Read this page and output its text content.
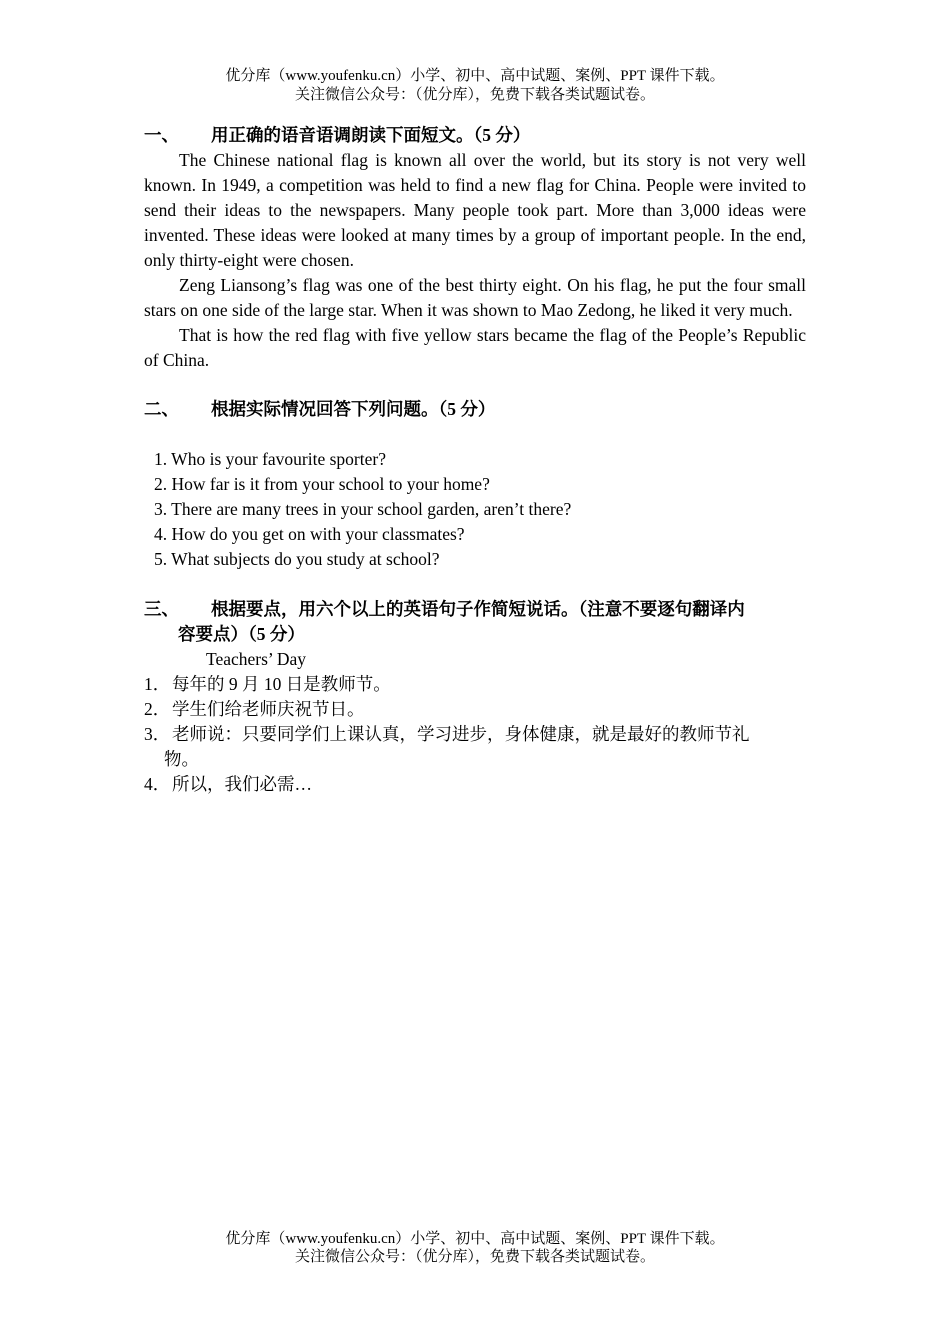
优分库（www.youfenku.cn）小学、初中、高中试题、案例、PPT 课件下载。
关注微信公众号：（优分库），免费下载各类试题试卷。
一、	用正确的语音语调朗读下面短文。（5 分）

The Chinese national flag is known all over the world, but its story is not very well known. In 1949, a competition was held to find a new flag for China. People were invited to send their ideas to the newspapers. Many people took part. More than 3,000 ideas were invented. These ideas were looked at many times by a group of important people. In the end, only thirty-eight were chosen.

Zeng Liansong’s flag was one of the best thirty eight. On his flag, he put the four small stars on one side of the large star. When it was shown to Mao Zedong, he liked it very much.

That is how the red flag with five yellow stars became the flag of the People’s Republic of China.

二、	根据实际情况回答下列问题。（5 分）

1. Who is your favourite sporter?

2. How far is it from your school to your home?

3. There are many trees in your school garden, aren’t there?

4. How do you get on with your classmates?

5. What subjects do you study at school?

三、	根据要点，用六个以上的英语句子作简短说话。（注意不要逐句翻译内
容要点）（5 分）
Teachers’ Day
1． 每年的 9 月 10 日是教师节。
2． 学生们给老师庆祝节日。
3． 老师说：只要同学们上课认真，学习进步，身体健康，就是最好的教师节礼
物。
4． 所以，我们必需…
优分库（www.youfenku.cn）小学、初中、高中试题、案例、PPT 课件下载。
关注微信公众号：（优分库），免费下载各类试题试卷。
